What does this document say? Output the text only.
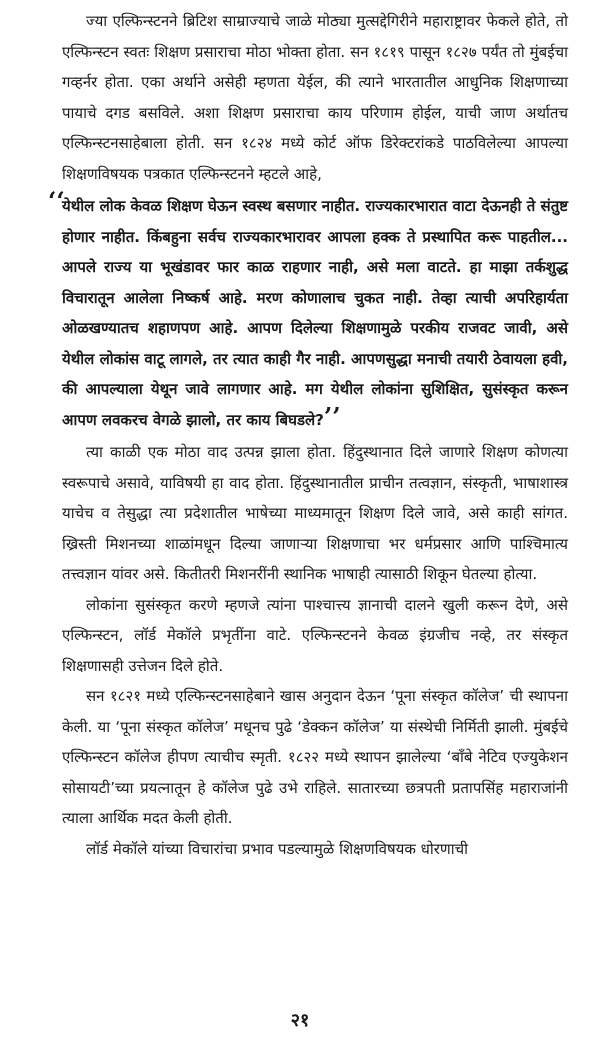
ज्या एल्फिन्स्टनने ब्रिटिश साम्राज्याचे जाळे मोठ्या मुत्सद्देगिरीने महाराष्ट्रावर फेकले होते, तो एल्फिन्स्टन स्वतः शिक्षण प्रसाराचा मोठा भोक्ता होता. सन १८१९ पासून १८२७ पर्यंत तो मुंबईचा गव्हर्नर होता. एका अर्थाने असेही म्हणता येईल, की त्याने भारतातील आधुनिक शिक्षणाच्या पायाचे दगड बसविले. अशा शिक्षण प्रसाराचा काय परिणाम होईल, याची जाण अर्थातच एल्फिन्स्टनसाहेबाला होती. सन १८२४ मध्ये कोर्ट ऑफ डिरेक्टरांकडे पाठविलेल्या आपल्या शिक्षणविषयक पत्रकात एल्फिन्स्टनने म्हटले आहे,

‘‘
येथील लोक केवळ शिक्षण घेऊन स्वस्थ बसणार नाहीत. राज्यकारभारात वाटा देऊनही ते संतुष्ट होणार नाहीत. किंबहुना सर्वच राज्यकारभारावर आपला हक्क ते प्रस्थापित करू पाहतील... आपले राज्य या भूखंडावर फार काळ राहणार नाही, असे मला वाटते. हा माझा तर्कशुद्ध विचारातून आलेला निष्कर्ष आहे. मरण कोणालाच चुकत नाही. तेव्हा त्याची अपरिहार्यता ओळखण्यातच शहाणपण आहे. आपण दिलेल्या शिक्षणामुळे परकीय राजवट जावी, असे येथील लोकांस वाटू लागले, तर त्यात काही गैर नाही. आपणसुद्धा मनाची तयारी ठेवायला हवी, की आपल्याला येथून जावे लागणार आहे. मग येथील लोकांना सुशिक्षित, सुसंस्कृत करून आपण लवकरच वेगळे झालो, तर काय बिघडले?’’

त्या काळी एक मोठा वाद उत्पन्न झाला होता. हिंदुस्थानात दिले जाणारे शिक्षण कोणत्या स्वरूपाचे असावे, याविषयी हा वाद होता. हिंदुस्थानातील प्राचीन तत्वज्ञान, संस्कृती, भाषाशास्त्र याचेच व तेसुद्धा त्या प्रदेशातील भाषेच्या माध्यमातून शिक्षण दिले जावे, असे काही सांगत. ख्रिस्ती मिशनच्या शाळांमधून दिल्या जाणाऱ्या शिक्षणाचा भर धर्मप्रसार आणि पाश्चिमात्य तत्त्वज्ञान यांवर असे. कितीतरी मिशनरींनी स्थानिक भाषाही त्यासाठी शिकून घेतल्या होत्या.

लोकांना सुसंस्कृत करणे म्हणजे त्यांना पाश्चात्त्य ज्ञानाची दालने खुली करून देणे, असे एल्फिन्स्टन, लॉर्ड मेकॉले प्रभृतींना वाटे. एल्फिन्स्टनने केवळ इंग्रजीच नव्हे, तर संस्कृत शिक्षणासही उत्तेजन दिले होते.

सन १८२१ मध्ये एल्फिन्स्टनसाहेबाने खास अनुदान देऊन ‘पूना संस्कृत कॉलेज’ ची स्थापना केली. या ‘पूना संस्कृत कॉलेज’ मधूनच पुढे ‘डेक्कन कॉलेज’ या संस्थेची निर्मिती झाली. मुंबईचे एल्फिन्स्टन कॉलेज हीपण त्याचीच स्मृती. १८२२ मध्ये स्थापन झालेल्या ‘बाँबे नेटिव एज्युकेशन सोसायटी’च्या प्रयत्नातून हे कॉलेज पुढे उभे राहिले. सातारच्या छत्रपती प्रतापसिंह महाराजांनी त्याला आर्थिक मदत केली होती.

लॉर्ड मेकॉले यांच्या विचारांचा प्रभाव पडल्यामुळे शिक्षणविषयक धोरणाची

२१
